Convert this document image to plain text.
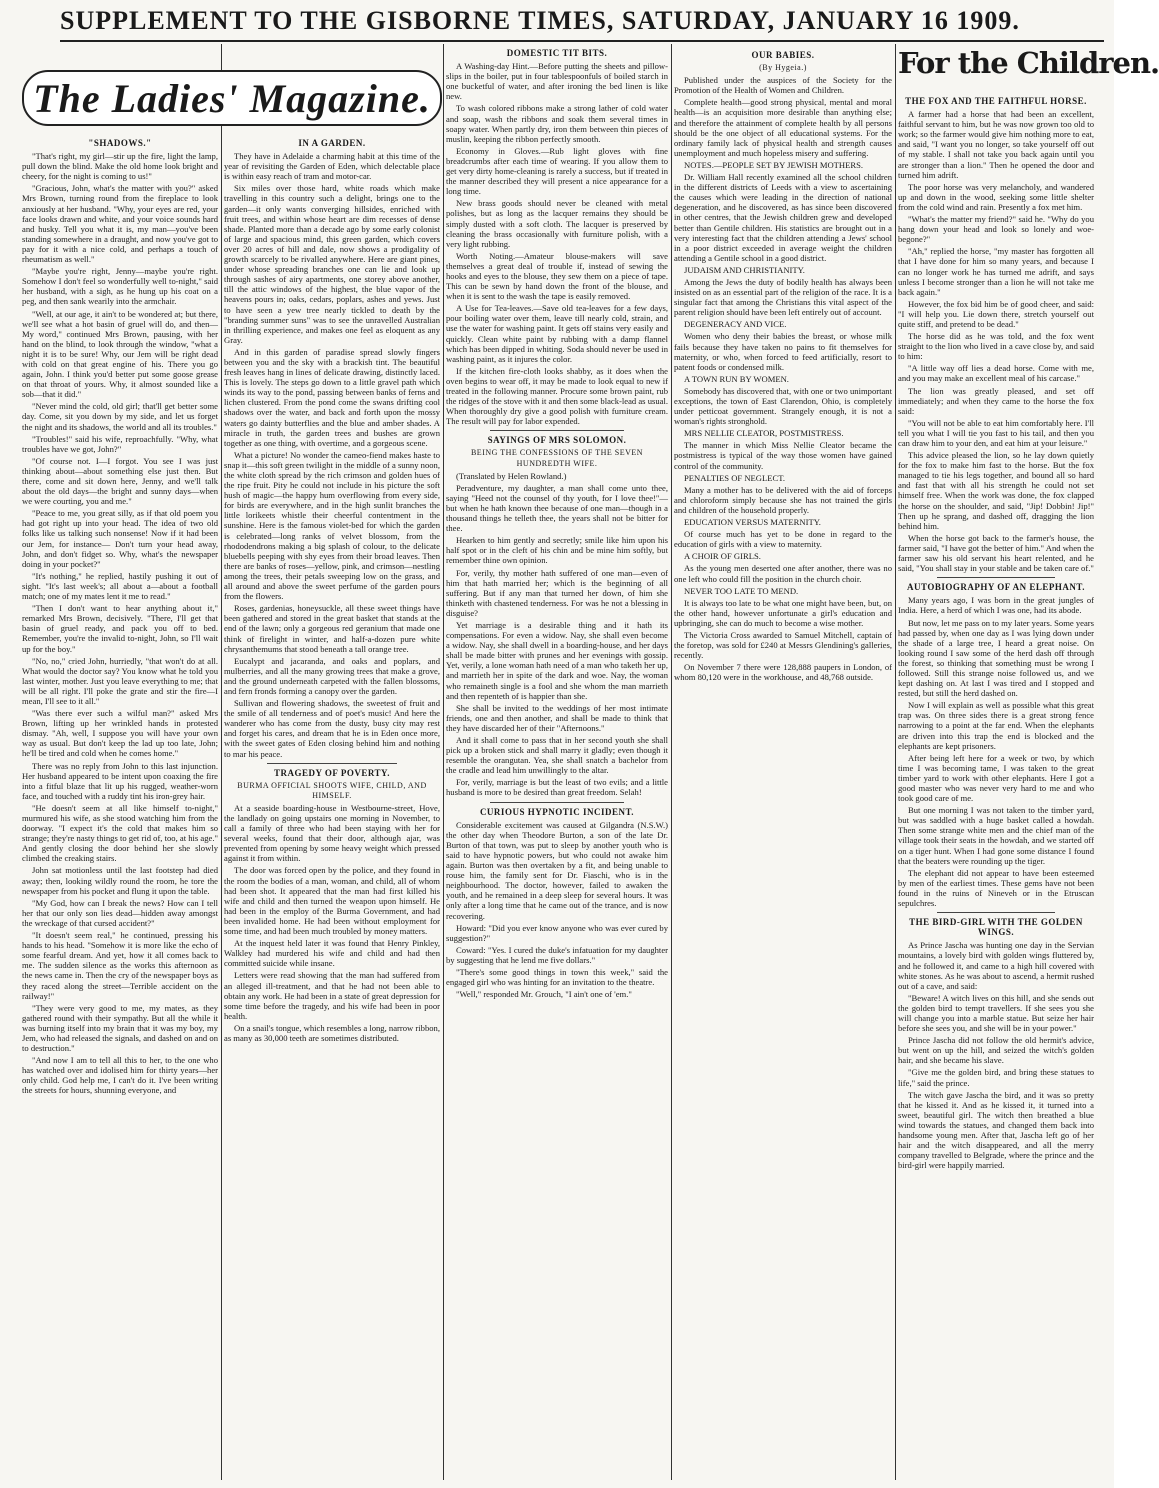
SUPPLEMENT TO THE GISBORNE TIMES, SATURDAY, JANUARY 16 1909.
The Ladies' Magazine.
"SHADOWS."

"That's right, my girl—stir up the fire, light the lamp, pull down the blind. Make the old home look bright and cheery, for the night is coming to us!"

"Gracious, John, what's the matter with you?" asked Mrs Brown, turning round from the fireplace to look anxiously at her husband. "Why, your eyes are red, your face looks drawn and white, and your voice sounds hard and husky. Tell you what it is, my man—you've been standing somewhere in a draught, and now you've got to pay for it with a nice cold, and perhaps a touch of rheumatism as well."

"Maybe you're right, Jenny—maybe you're right. Somehow I don't feel so wonderfully well to-night," said her husband, with a sigh, as he hung up his coat on a peg, and then sank wearily into the armchair.

"Well, at our age, it ain't to be wondered at; but there, we'll see what a hot basin of gruel will do, and then—My word," continued Mrs Brown, pausing, with her hand on the blind, to look through the window, "what a night it is to be sure! Why, our Jem will be right dead with cold on that great engine of his. There you go again, John. I think you'd better put some goose grease on that throat of yours. Why, it almost sounded like a sob—that it did."

"Never mind the cold, old girl; that'll get better some day. Come, sit you down by my side, and let us forget the night and its shadows, the world and all its troubles."

"Troubles!" said his wife, reproachfully. "Why, what troubles have we got, John?"

"Of course not. I—I forgot. You see I was just thinking about—about something else just then. But there, come and sit down here, Jenny, and we'll talk about the old days—the bright and sunny days—when we were courting, you and me."

"Peace to me, you great silly, as if that old poem you had got right up into your head. The idea of two old folks like us talking such nonsense! Now if it had been our Jem, for instance— Don't turn your head away, John, and don't fidget so. Why, what's the newspaper doing in your pocket?"

"It's nothing," he replied, hastily pushing it out of sight. "It's last week's; all about a—about a football match; one of my mates lent it me to read."

"Then I don't want to hear anything about it," remarked Mrs Brown, decisively. "There, I'll get that basin of gruel ready, and pack you off to bed. Remember, you're the invalid to-night, John, so I'll wait up for the boy."

"No, no," cried John, hurriedly, "that won't do at all. What would the doctor say? You know what he told you last winter, mother. Just you leave everything to me; that will be all right. I'll poke the grate and stir the fire—I mean, I'll see to it all."

"Was there ever such a wilful man?" asked Mrs Brown, lifting up her wrinkled hands in protested dismay. "Ah, well, I suppose you will have your own way as usual. But don't keep the lad up too late, John; he'll be tired and cold when he comes home."

There was no reply from John to this last injunction. Her husband appeared to be intent upon coaxing the fire into a fitful blaze that lit up his rugged, weather-worn face, and touched with a ruddy tint his iron-grey hair.

"He doesn't seem at all like himself to-night," murmured his wife, as she stood watching him from the doorway. "I expect it's the cold that makes him so strange; they're nasty things to get rid of, too, at his age." And gently closing the door behind her she slowly climbed the creaking stairs.

John sat motionless until the last footstep had died away; then, looking wildly round the room, he tore the newspaper from his pocket and flung it upon the table.

"My God, how can I break the news? How can I tell her that our only son lies dead—hidden away amongst the wreckage of that cursed accident?"

"It doesn't seem real," he continued, pressing his hands to his head. "Somehow it is more like the echo of some fearful dream. And yet, how it all comes back to me. The sudden silence as the works this afternoon as the news came in. Then the cry of the newspaper boys as they raced along the street—Terrible accident on the railway!"

"They were very good to me, my mates, as they gathered round with their sympathy. But all the while it was burning itself into my brain that it was my boy, my Jem, who had released the signals, and dashed on and on to destruction."

"And now I am to tell all this to her, to the one who has watched over and idolised him for thirty years—her only child. God help me, I can't do it. I've been writing the streets for hours, shunning everyone, and

IN A GARDEN.

They have in Adelaide a charming habit at this time of the year of revisiting the Garden of Eden, which delectable place is within easy reach of tram and motor-car.

Six miles over those hard, white roads which make travelling in this country such a delight, brings one to the garden—it only wants converging hillsides, enriched with fruit trees, and within whose heart are dim recesses of dense shade. Planted more than a decade ago by some early colonist of large and spacious mind, this green garden, which covers over 20 acres of hill and dale, now shows a prodigality of growth scarcely to be rivalled anywhere. Here are giant pines, under whose spreading branches one can lie and look up through sashes of airy apartments, one storey above another, till the attic windows of the highest, the blue vapor of the heavens pours in; oaks, cedars, poplars, ashes and yews. Just to have seen a yew tree nearly tickled to death by the "branding summer suns" was to see the unravelled Australian in thrilling experience, and makes one feel as eloquent as any Gray.

And in this garden of paradise spread slowly fingers between you and the sky with a brackish tint. The beautiful fresh leaves hang in lines of delicate drawing, distinctly laced. This is lovely. The steps go down to a little gravel path which winds its way to the pond, passing between banks of ferns and lichen clustered. From the pond come the swans drifting cool shadows over the water, and back and forth upon the mossy waters go dainty butterflies and the blue and amber shades. A miracle in truth, the garden trees and bushes are grown together as one thing, with overtime, and a gorgeous scene.

What a picture! No wonder the cameo-fiend makes haste to snap it—this soft green twilight in the middle of a sunny noon, the white cloth spread by the rich crimson and golden hues of the ripe fruit. Pity he could not include in his picture the soft hush of magic—the happy hum overflowing from every side, for birds are everywhere, and in the high sunlit branches the little lorikeets whistle their cheerful contentment in the sunshine. Here is the famous violet-bed for which the garden is celebrated—long ranks of velvet blossom, from the rhododendrons making a big splash of colour, to the delicate bluebells peeping with shy eyes from their broad leaves. Then there are banks of roses—yellow, pink, and crimson—nestling among the trees, their petals sweeping low on the grass, and all around and above the sweet perfume of the garden pours from the flowers.

Roses, gardenias, honeysuckle, all these sweet things have been gathered and stored in the great basket that stands at the end of the lawn; only a gorgeous red geranium that made one think of firelight in winter, and half-a-dozen pure white chrysanthemums that stood beneath a tall orange tree.

Eucalypt and jacaranda, and oaks and poplars, and mulberries, and all the many growing trees that make a grove, and the ground underneath carpeted with the fallen blossoms, and fern fronds forming a canopy over the garden.

Sullivan and flowering shadows, the sweetest of fruit and the smile of all tenderness and of poet's music! And here the wanderer who has come from the dusty, busy city may rest and forget his cares, and dream that he is in Eden once more, with the sweet gates of Eden closing behind him and nothing to mar his peace.

TRAGEDY OF POVERTY.
BURMA OFFICIAL SHOOTS WIFE, CHILD, AND HIMSELF.

At a seaside boarding-house in Westbourne-street, Hove, the landlady on going upstairs one morning in November, to call a family of three who had been staying with her for several weeks, found that their door, although ajar, was prevented from opening by some heavy weight which pressed against it from within.

The door was forced open by the police, and they found in the room the bodies of a man, woman, and child, all of whom had been shot. It appeared that the man had first killed his wife and child and then turned the weapon upon himself. He had been in the employ of the Burma Government, and had been invalided home. He had been without employment for some time, and had been much troubled by money matters.

At the inquest held later it was found that Henry Pinkley, Walkley had murdered his wife and child and had then committed suicide while insane.

Letters were read showing that the man had suffered from an alleged ill-treatment, and that he had not been able to obtain any work. He had been in a state of great depression for some time before the tragedy, and his wife had been in poor health.

On a snail's tongue, which resembles a long, narrow ribbon, as many as 30,000 teeth are sometimes distributed.

DOMESTIC TIT BITS.

A Washing-day Hint.—Before putting the sheets and pillow-slips in the boiler, put in four tablespoonfuls of boiled starch in one bucketful of water, and after ironing the bed linen is like new.

To wash colored ribbons make a strong lather of cold water and soap, wash the ribbons and soak them several times in soapy water. When partly dry, iron them between thin pieces of muslin, keeping the ribbon perfectly smooth.

Economy in Gloves.—Rub light gloves with fine breadcrumbs after each time of wearing. If you allow them to get very dirty home-cleaning is rarely a success, but if treated in the manner described they will present a nice appearance for a long time.

New brass goods should never be cleaned with metal polishes, but as long as the lacquer remains they should be simply dusted with a soft cloth. The lacquer is preserved by cleaning the brass occasionally with furniture polish, with a very light rubbing.

Worth Noting.—Amateur blouse-makers will save themselves a great deal of trouble if, instead of sewing the hooks and eyes to the blouse, they sew them on a piece of tape. This can be sewn by hand down the front of the blouse, and when it is sent to the wash the tape is easily removed.

A Use for Tea-leaves.—Save old tea-leaves for a few days, pour boiling water over them, leave till nearly cold, strain, and use the water for washing paint. It gets off stains very easily and quickly. Clean white paint by rubbing with a damp flannel which has been dipped in whiting. Soda should never be used in washing paint, as it injures the color.

If the kitchen fire-cloth looks shabby, as it does when the oven begins to wear off, it may be made to look equal to new if treated in the following manner. Procure some brown paint, rub the ridges of the stove with it and then some black-lead as usual. When thoroughly dry give a good polish with furniture cream. The result will pay for labor expended.

SAYINGS OF MRS SOLOMON.
BEING THE CONFESSIONS OF THE SEVEN HUNDREDTH WIFE.

(Translated by Helen Rowland.)

Peradventure, my daughter, a man shall come unto thee, saying "Heed not the counsel of thy youth, for I love thee!"—but when he hath known thee because of one man—though in a thousand things he telleth thee, the years shall not be bitter for thee.

Hearken to him gently and secretly; smile like him upon his half spot or in the cleft of his chin and be mine him softly, but remember thine own opinion.

For, verily, thy mother hath suffered of one man—even of him that hath married her; which is the beginning of all suffering. But if any man that turned her down, of him she thinketh with chastened tenderness. For was he not a blessing in disguise?

Yet marriage is a desirable thing and it hath its compensations. For even a widow. Nay, she shall even become a widow. Nay, she shall dwell in a boarding-house, and her days shall be made bitter with prunes and her evenings with gossip. Yet, verily, a lone woman hath need of a man who taketh her up, and marrieth her in spite of the dark and woe. Nay, the woman who remaineth single is a fool and she whom the man marrieth and then repenteth of is happier than she.

She shall be invited to the weddings of her most intimate friends, one and then another, and shall be made to think that they have discarded her of their "Afternoons."

And it shall come to pass that in her second youth she shall pick up a broken stick and shall marry it gladly; even though it resemble the orangutan. Yea, she shall snatch a bachelor from the cradle and lead him unwillingly to the altar.

For, verily, marriage is but the least of two evils; and a little husband is more to be desired than great freedom. Selah!

CURIOUS HYPNOTIC INCIDENT.

Considerable excitement was caused at Gilgandra (N.S.W.) the other day when Theodore Burton, a son of the late Dr. Burton of that town, was put to sleep by another youth who is said to have hypnotic powers, but who could not awake him again. Burton was then overtaken by a fit, and being unable to rouse him, the family sent for Dr. Fiaschi, who is in the neighbourhood. The doctor, however, failed to awaken the youth, and he remained in a deep sleep for several hours. It was only after a long time that he came out of the trance, and is now recovering.

Howard: "Did you ever know anyone who was ever cured by suggestion?"

Coward: "Yes. I cured the duke's infatuation for my daughter by suggesting that he lend me five dollars."

"There's some good things in town this week," said the engaged girl who was hinting for an invitation to the theatre.

"Well," responded Mr. Grouch, "I ain't one of 'em."

OUR BABIES.
(By Hygeia.)

Published under the auspices of the Society for the Promotion of the Health of Women and Children.

Complete health—good strong physical, mental and moral health—is an acquisition more desirable than anything else; and therefore the attainment of complete health by all persons should be the one object of all educational systems. For the ordinary family lack of physical health and strength causes unemployment and much hopeless misery and suffering.

NOTES.—PEOPLE SET BY JEWISH MOTHERS.

Dr. William Hall recently examined all the school children in the different districts of Leeds with a view to ascertaining the causes which were leading in the direction of national degeneration, and he discovered, as has since been discovered in other centres, that the Jewish children grew and developed better than Gentile children. His statistics are brought out in a very interesting fact that the children attending a Jews' school in a poor district exceeded in average weight the children attending a Gentile school in a good district.

JUDAISM AND CHRISTIANITY.

Among the Jews the duty of bodily health has always been insisted on as an essential part of the religion of the race. It is a singular fact that among the Christians this vital aspect of the parent religion should have been left entirely out of account.

DEGENERACY AND VICE.

Women who deny their babies the breast, or whose milk fails because they have taken no pains to fit themselves for maternity, or who, when forced to feed artificially, resort to patent foods or condensed milk.

A TOWN RUN BY WOMEN.

Somebody has discovered that, with one or two unimportant exceptions, the town of East Clarendon, Ohio, is completely under petticoat government. Strangely enough, it is not a woman's rights stronghold.

MRS NELLIE CLEATOR, POSTMISTRESS.

The manner in which Miss Nellie Cleator became the postmistress is typical of the way those women have gained control of the community.

PENALTIES OF NEGLECT.

Many a mother has to be delivered with the aid of forceps and chloroform simply because she has not trained the girls and children of the household properly.

EDUCATION VERSUS MATERNITY.

Of course much has yet to be done in regard to the education of girls with a view to maternity.

A CHOIR OF GIRLS.

As the young men deserted one after another, there was no one left who could fill the position in the church choir.

NEVER TOO LATE TO MEND.

It is always too late to be what one might have been, but, on the other hand, however unfortunate a girl's education and upbringing, she can do much to become a wise mother.

The Victoria Cross awarded to Samuel Mitchell, captain of the foretop, was sold for £240 at Messrs Glendining's galleries, recently.

On November 7 there were 128,888 paupers in London, of whom 80,120 were in the workhouse, and 48,768 outside.

For the Children.
THE FOX AND THE FAITHFUL HORSE.

A farmer had a horse that had been an excellent, faithful servant to him, but he was now grown too old to work; so the farmer would give him nothing more to eat, and said, "I want you no longer, so take yourself off out of my stable. I shall not take you back again until you are stronger than a lion." Then he opened the door and turned him adrift.

The poor horse was very melancholy, and wandered up and down in the wood, seeking some little shelter from the cold wind and rain. Presently a fox met him.

"What's the matter my friend?" said he. "Why do you hang down your head and look so lonely and woe-begone?"

"Ah," replied the horse, "my master has forgotten all that I have done for him so many years, and because I can no longer work he has turned me adrift, and says unless I become stronger than a lion he will not take me back again."

However, the fox bid him be of good cheer, and said: "I will help you. Lie down there, stretch yourself out quite stiff, and pretend to be dead."

The horse did as he was told, and the fox went straight to the lion who lived in a cave close by, and said to him:

"A little way off lies a dead horse. Come with me, and you may make an excellent meal of his carcase."

The lion was greatly pleased, and set off immediately; and when they came to the horse the fox said:

"You will not be able to eat him comfortably here. I'll tell you what I will tie you fast to his tail, and then you can draw him to your den, and eat him at your leisure."

This advice pleased the lion, so he lay down quietly for the fox to make him fast to the horse. But the fox managed to tie his legs together, and bound all so hard and fast that with all his strength he could not set himself free. When the work was done, the fox clapped the horse on the shoulder, and said, "Jip! Dobbin! Jip!" Then up he sprang, and dashed off, dragging the lion behind him.

When the horse got back to the farmer's house, the farmer said, "I have got the better of him." And when the farmer saw his old servant his heart relented, and he said, "You shall stay in your stable and be taken care of."

AUTOBIOGRAPHY OF AN ELEPHANT.

Many years ago, I was born in the great jungles of India. Here, a herd of which I was one, had its abode.

But now, let me pass on to my later years. Some years had passed by, when one day as I was lying down under the shade of a large tree, I heard a great noise. On looking round I saw some of the herd dash off through the forest, so thinking that something must be wrong I followed. Still this strange noise followed us, and we kept dashing on. At last I was tired and I stopped and rested, but still the herd dashed on.

Now I will explain as well as possible what this great trap was. On three sides there is a great strong fence narrowing to a point at the far end. When the elephants are driven into this trap the end is blocked and the elephants are kept prisoners.

After being left here for a week or two, by which time I was becoming tame, I was taken to the great timber yard to work with other elephants. Here I got a good master who was never very hard to me and who took good care of me.

But one morning I was not taken to the timber yard, but was saddled with a huge basket called a howdah. Then some strange white men and the chief man of the village took their seats in the howdah, and we started off on a tiger hunt. When I had gone some distance I found that the beaters were rounding up the tiger.

The elephant did not appear to have been esteemed by men of the earliest times. These gems have not been found in the ruins of Nineveh or in the Etruscan sepulchres.

THE BIRD-GIRL WITH THE GOLDEN WINGS.

As Prince Jascha was hunting one day in the Servian mountains, a lovely bird with golden wings fluttered by, and he followed it, and came to a high hill covered with white stones. As he was about to ascend, a hermit rushed out of a cave, and said:

"Beware! A witch lives on this hill, and she sends out the golden bird to tempt travellers. If she sees you she will change you into a marble statue. But seize her hair before she sees you, and she will be in your power."

Prince Jascha did not follow the old hermit's advice, but went on up the hill, and seized the witch's golden hair, and she became his slave.

"Give me the golden bird, and bring these statues to life," said the prince.

The witch gave Jascha the bird, and it was so pretty that he kissed it. And as he kissed it, it turned into a sweet, beautiful girl. The witch then breathed a blue wind towards the statues, and changed them back into handsome young men. After that, Jascha left go of her hair and the witch disappeared, and all the merry company travelled to Belgrade, where the prince and the bird-girl were happily married.
